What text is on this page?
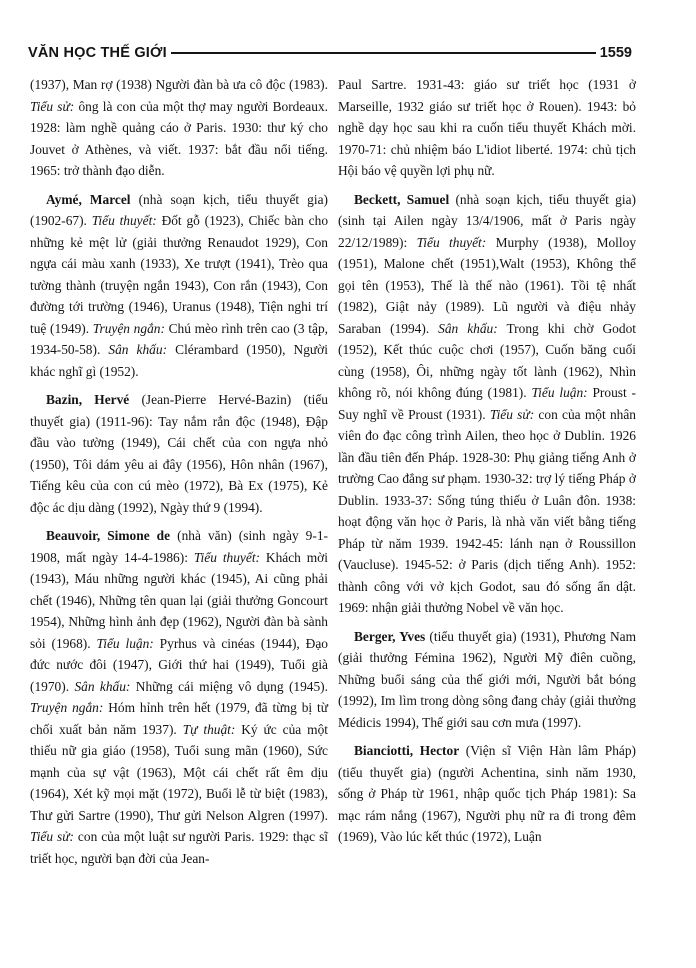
VĂN HỌC THẾ GIỚI	1559

(1937), Man rợ (1938) Người đàn bà ưa cô độc (1983). Tiểu sử: ông là con của một thợ may người Bordeaux. 1928: làm nghề quảng cáo ở Paris. 1930: thư ký cho Jouvet ở Athènes, và viết. 1937: bắt đầu nổi tiếng. 1965: trở thành đạo diễn.

Aymé, Marcel (nhà soạn kịch, tiểu thuyết gia) (1902-67). Tiểu thuyết: Đốt gỗ (1923), Chiếc bàn cho những kẻ mệt lử (giải thưởng Renaudot 1929), Con ngựa cái màu xanh (1933), Xe trượt (1941), Trèo qua tường thành (truyện ngắn 1943), Con rắn (1943), Con đường tới trường (1946), Uranus (1948), Tiện nghi trí tuệ (1949). Truyện ngắn: Chú mèo rình trên cao (3 tập, 1934-50-58). Sân khấu: Clérambard (1950), Người khác nghĩ gì (1952).

Bazin, Hervé (Jean-Pierre Hervé-Bazin) (tiểu thuyết gia) (1911-96): Tay nắm rắn độc (1948), Đập đầu vào tường (1949), Cái chết của con ngựa nhỏ (1950), Tôi dám yêu ai đây (1956), Hôn nhân (1967), Tiếng kêu của con cú mèo (1972), Bà Ex (1975), Kẻ độc ác dịu dàng (1992), Ngày thứ 9 (1994).

Beauvoir, Simone de (nhà văn) (sinh ngày 9-1-1908, mất ngày 14-4-1986): Tiểu thuyết: Khách mời (1943), Máu những người khác (1945), Ai cũng phải chết (1946), Những tên quan lại (giải thưởng Goncourt 1954), Những hình ảnh đẹp (1962), Người đàn bà sành sỏi (1968). Tiểu luận: Pyrhus và cinéas (1944), Đạo đức nước đôi (1947), Giới thứ hai (1949), Tuổi già (1970). Sân khấu: Những cái miệng vô dụng (1945). Truyện ngắn: Hóm hỉnh trên hết (1979, đã từng bị từ chối xuất bản năm 1937). Tự thuật: Ký ức của một thiếu nữ gia giáo (1958), Tuổi sung mãn (1960), Sức mạnh của sự vật (1963), Một cái chết rất êm dịu (1964), Xét kỹ mọi mặt (1972), Buổi lễ từ biệt (1983), Thư gửi Sartre (1990), Thư gửi Nelson Algren (1997). Tiểu sử: con của một luật sư người Paris. 1929: thạc sĩ triết học, người bạn đời của Jean-

Paul Sartre. 1931-43: giáo sư triết học (1931 ở Marseille, 1932 giáo sư triết học ở Rouen). 1943: bỏ nghề dạy học sau khi ra cuốn tiểu thuyết Khách mời. 1970-71: chủ nhiệm báo L'idiot liberté. 1974: chủ tịch Hội báo vệ quyền lợi phụ nữ.

Beckett, Samuel (nhà soạn kịch, tiểu thuyết gia) (sinh tại Ailen ngày 13/4/1906, mất ở Paris ngày 22/12/1989): Tiểu thuyết: Murphy (1938), Molloy (1951), Malone chết (1951),Walt (1953), Không thể gọi tên (1953), Thế là thế nào (1961). Tồi tệ nhất (1982), Giật nảy (1989). Lũ người và điệu nhảy Saraban (1994). Sân khấu: Trong khi chờ Godot (1952), Kết thúc cuộc chơi (1957), Cuốn băng cuối cùng (1958), Ôi, những ngày tốt lành (1962), Nhìn không rõ, nói không đúng (1981). Tiểu luận: Proust - Suy nghĩ về Proust (1931). Tiểu sử: con của một nhân viên đo đạc công trình Ailen, theo học ở Dublin. 1926 lần đầu tiên đến Pháp. 1928-30: Phụ giảng tiếng Anh ở trường Cao đẳng sư phạm. 1930-32: trợ lý tiếng Pháp ở Dublin. 1933-37: Sống túng thiếu ở Luân đôn. 1938: hoạt động văn học ở Paris, là nhà văn viết bằng tiếng Pháp từ năm 1939. 1942-45: lánh nạn ở Roussillon (Vaucluse). 1945-52: ở Paris (dịch tiếng Anh). 1952: thành công với vở kịch Godot, sau đó sống ẩn dật. 1969: nhận giải thưởng Nobel về văn học.

Berger, Yves (tiểu thuyết gia) (1931), Phương Nam (giải thưởng Fémina 1962), Người Mỹ điên cuồng, Những buổi sáng của thế giới mới, Người bắt bóng (1992), Im lìm trong dòng sông đang chảy (giải thưởng Médicis 1994), Thế giới sau cơn mưa (1997).

Bianciotti, Hector (Viện sĩ Viện Hàn lâm Pháp) (tiểu thuyết gia) (người Achentina, sinh năm 1930, sống ở Pháp từ 1961, nhập quốc tịch Pháp 1981): Sa mạc rám nắng (1967), Người phụ nữ ra đi trong đêm (1969), Vào lúc kết thúc (1972), Luận
